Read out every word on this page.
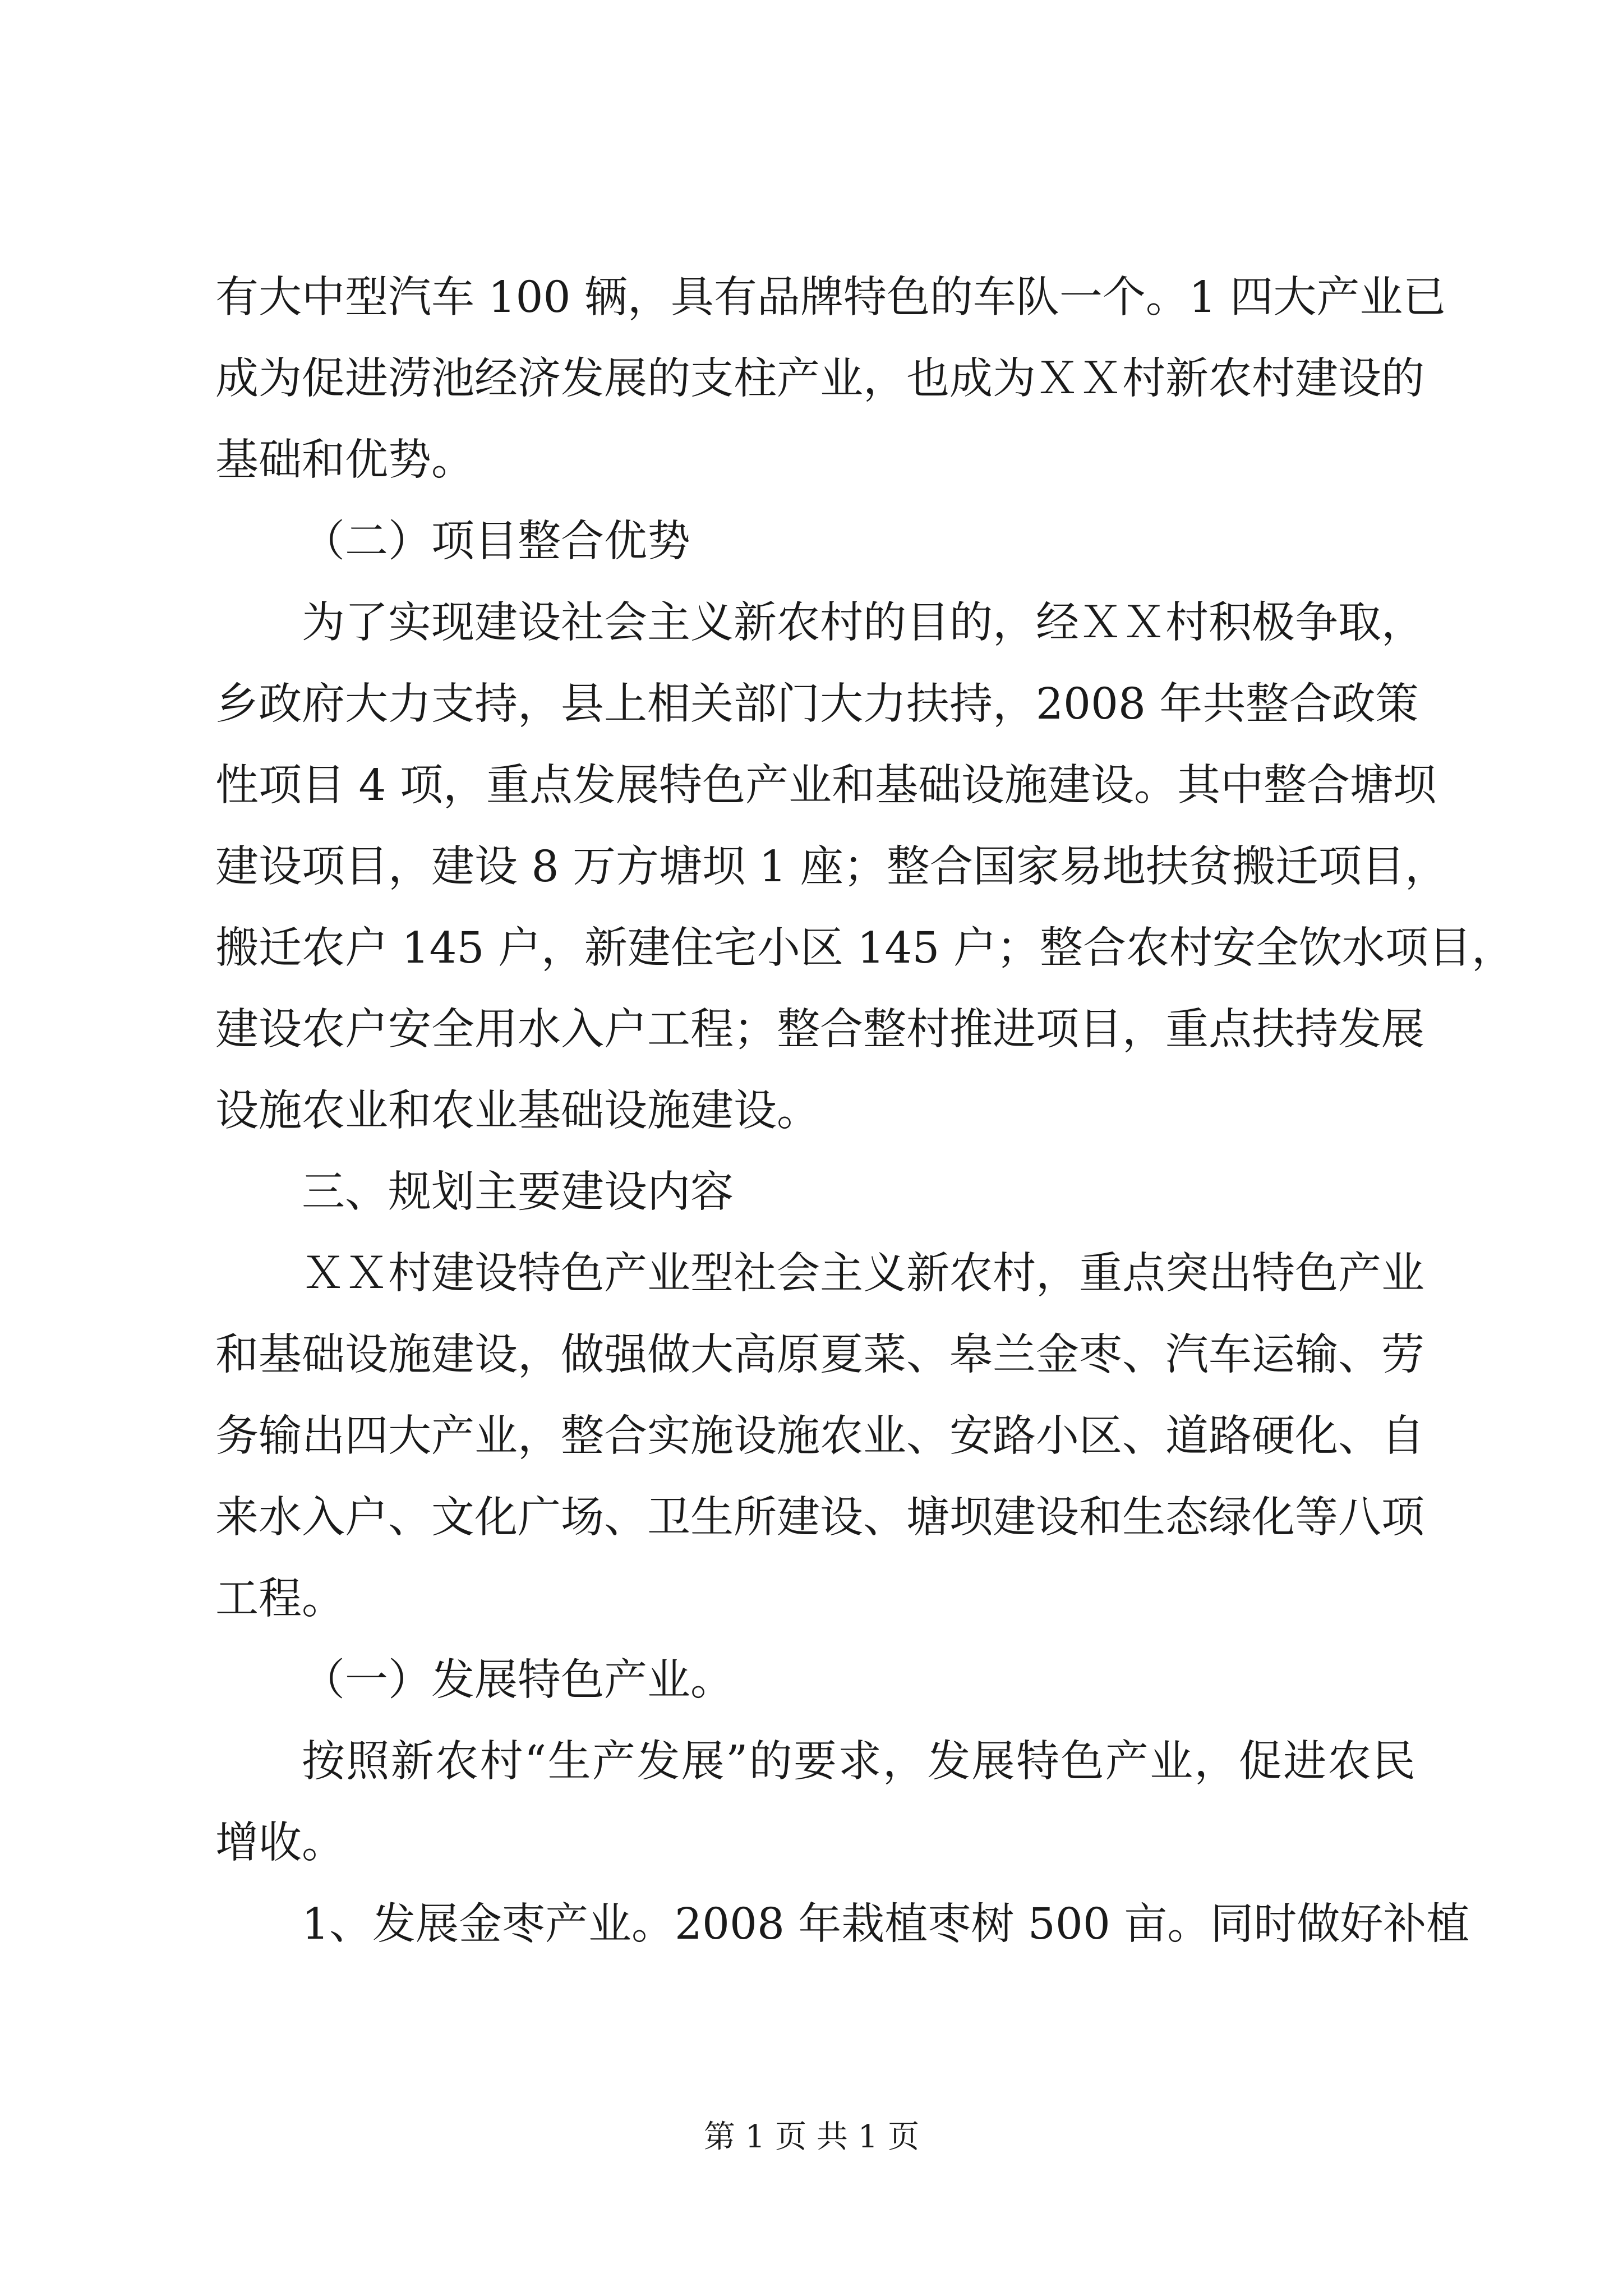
有大中型汽车 100 辆，具有品牌特色的车队一个。1 四大产业已
成为促进涝池经济发展的支柱产业，也成为ＸＸ村新农村建设的
基础和优势。
（二）项目整合优势
为了实现建设社会主义新农村的目的，经ＸＸ村积极争取，
乡政府大力支持，县上相关部门大力扶持，2008 年共整合政策
性项目 4 项，重点发展特色产业和基础设施建设。其中整合塘坝
建设项目，建设 8 万方塘坝 1 座；整合国家易地扶贫搬迁项目，
搬迁农户 145 户，新建住宅小区 145 户；整合农村安全饮水项目，
建设农户安全用水入户工程；整合整村推进项目，重点扶持发展
设施农业和农业基础设施建设。
三、规划主要建设内容
ＸＸ村建设特色产业型社会主义新农村，重点突出特色产业
和基础设施建设，做强做大高原夏菜、皋兰金枣、汽车运输、劳
务输出四大产业，整合实施设施农业、安路小区、道路硬化、自
来水入户、文化广场、卫生所建设、塘坝建设和生态绿化等八项
工程。
（一）发展特色产业。
按照新农村“生产发展”的要求，发展特色产业，促进农民
增收。
1、发展金枣产业。2008 年栽植枣树 500 亩。同时做好补植
第 1 页 共 1 页
